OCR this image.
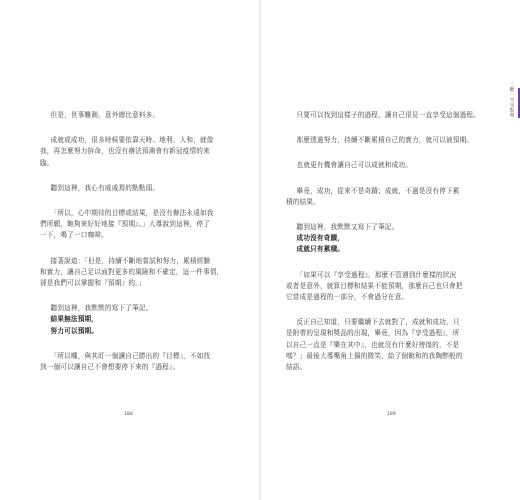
但是，世事難測，意外總比意料多。
成就或成功，很多時候要依靠天時、地利、人和，就像
我，再怎麼努力拚命，也沒有辦法預測會有新冠疫情的來
臨。
聽到這裡，我心有戚戚焉的點點頭。
「所以，心中期待的目標或結果，是沒有辦法永遠如我
們所願，飽夠來好好地接『預期』。」大導說到這裡，停了
一下，喝了一口咖啡。
接著說道：「但是，持續不斷地嘗試和努力，累積經驗
和實力，讓自己足以面對更多的風險和不確定，這一件事情，
卻是我們可以掌握和『預期』的。」
聽到這裡，我默默的寫下了筆記。
結果無法預期，
努力可以預期。
「所以囉，與其盯一個讓自己勝出的『目標』，不如找
到一個可以讓自己不會想要停下來的『過程』。
188
只要可以找到這樣子的過程，讓自己很見一直享受這個過程。
那麼透過努力，持續不斷累積自己的實力，就可以被預期。
也就更有機會讓自己可以成就和成功。
畢竟，成功，從來不是奇蹟；成就，不過是沒有停下累
積的結果。
聽到這裡，我默默又寫下了筆記。
成功沒有奇蹟，
成就只有累積。
「如果可以『享受過程』，那麼不管遇到什麼樣的狀況
或者是意外，就算目標和結果不能預期，那麼自己也只會把
它當成是過程的一部分，不會過分在意。
反正自己知道，只要繼續下去就對了，成就和成功，只
是附帶的呈現和獎品的出現，畢竟，因為『享受過程』，所
以自己一直是『樂在其中』，也就沒有什麼好徬徨的，不是
嗎？」最後大導嘴角上揚的微笑，給了個飽和的我陶醉般的
結語。
189
三觀｜享受點開
